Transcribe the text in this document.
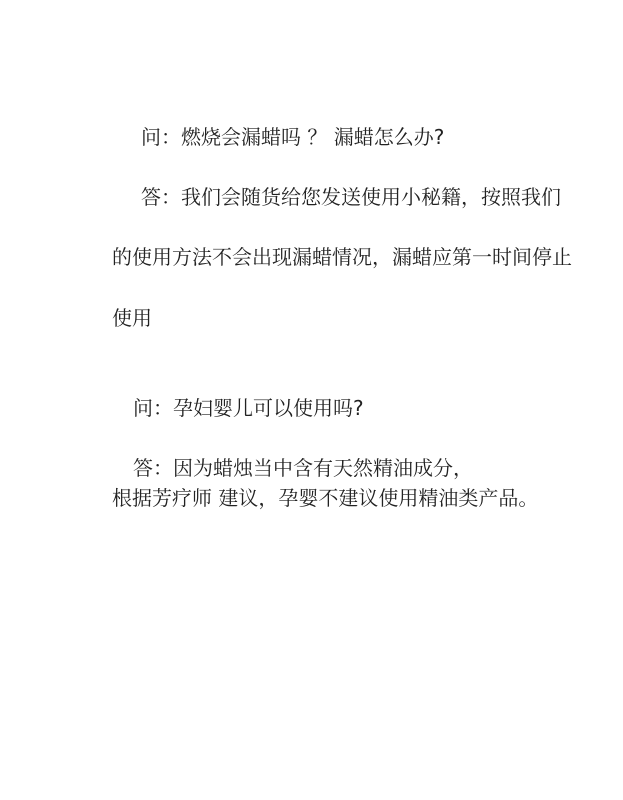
问：燃烧会漏蜡吗 ？ 漏蜡怎么办?
答：我们会随货给您发送使用小秘籍，按照我们
的使用方法不会出现漏蜡情况，漏蜡应第一时间停止
使用
问：孕妇婴儿可以使用吗?
答：因为蜡烛当中含有天然精油成分，
根据芳疗师 建议，孕婴不建议使用精油类产品。
